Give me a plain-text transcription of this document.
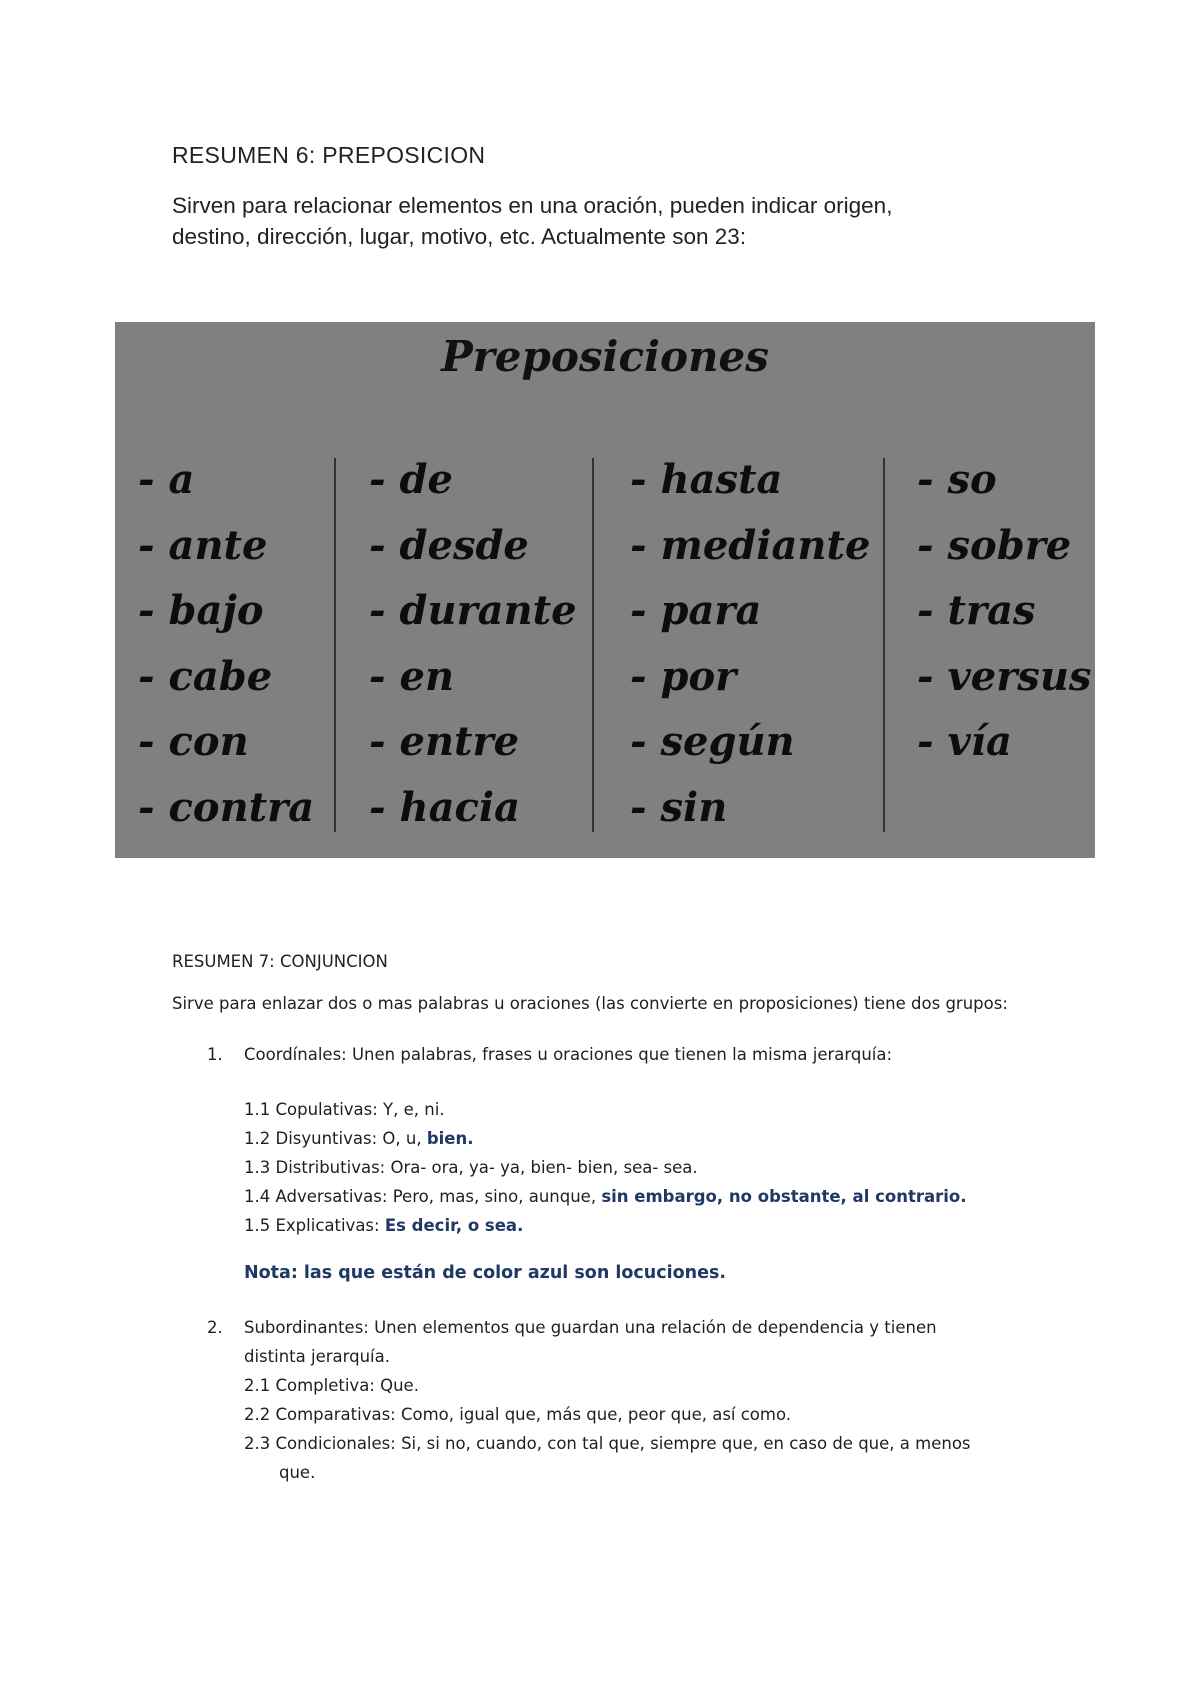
RESUMEN 6: PREPOSICION
Sirven para relacionar elementos en una oración, pueden indicar origen,
destino, dirección, lugar, motivo, etc. Actualmente son 23:
Preposiciones
- a
- ante
- bajo
- cabe
- con
- contra
- de
- desde
- durante
- en
- entre
- hacia
- hasta
- mediante
- para
- por
- según
- sin
- so
- sobre
- tras
- versus
- vía
RESUMEN 7: CONJUNCION
Sirve para enlazar dos o mas palabras u oraciones (las convierte en proposiciones) tiene dos grupos:
1. Coordínales: Unen palabras, frases u oraciones que tienen la misma jerarquía:
1.1 Copulativas: Y, e, ni.
1.2 Disyuntivas: O, u, bien.
1.3 Distributivas: Ora- ora, ya- ya, bien- bien, sea- sea.
1.4 Adversativas: Pero, mas, sino, aunque, sin embargo, no obstante, al contrario.
1.5 Explicativas: Es decir, o sea.
Nota: las que están de color azul son locuciones.
2. Subordinantes: Unen elementos que guardan una relación de dependencia y tienen
distinta jerarquía.
2.1 Completiva: Que.
2.2 Comparativas: Como, igual que, más que, peor que, así como.
2.3 Condicionales: Si, si no, cuando, con tal que, siempre que, en caso de que, a menos
que.
